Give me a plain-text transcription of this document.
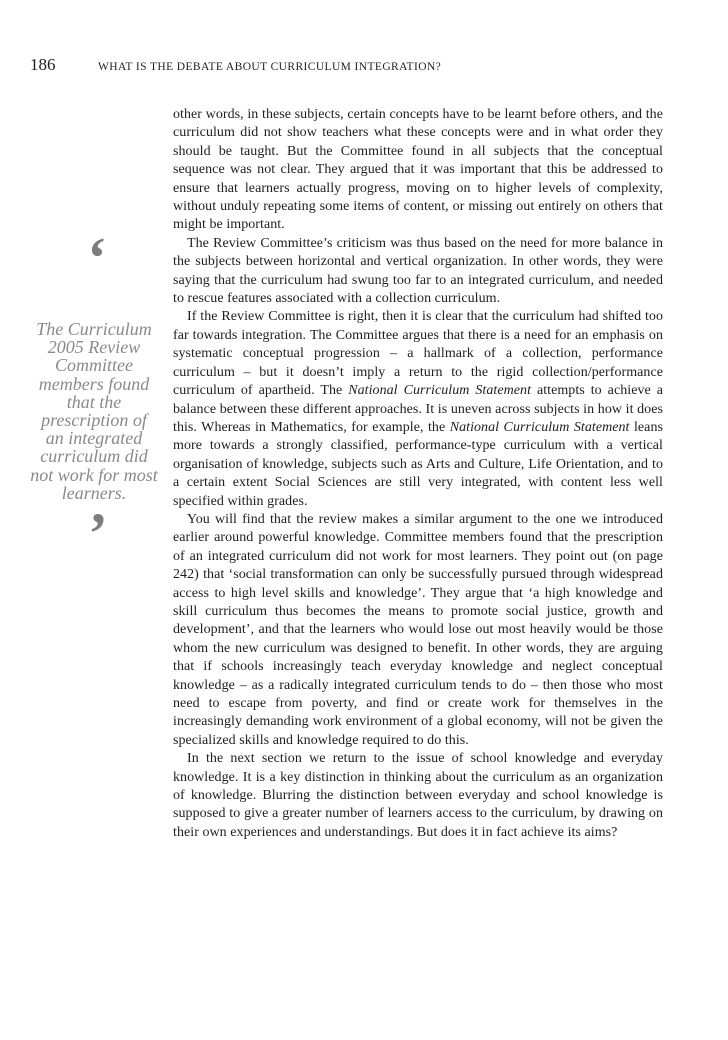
186	WHAT IS THE DEBATE ABOUT CURRICULUM INTEGRATION?
‘
The Curriculum 2005 Review Committee members found that the prescription of an integrated curriculum did not work for most learners.
’

other words, in these subjects, certain concepts have to be learnt before others, and the curriculum did not show teachers what these concepts were and in what order they should be taught. But the Committee found in all subjects that the conceptual sequence was not clear. They argued that it was important that this be addressed to ensure that learners actually progress, moving on to higher levels of complexity, without unduly repeating some items of content, or missing out entirely on others that might be important.

The Review Committee’s criticism was thus based on the need for more balance in the subjects between horizontal and vertical organization. In other words, they were saying that the curriculum had swung too far to an integrated curriculum, and needed to rescue features associated with a collection curriculum.

If the Review Committee is right, then it is clear that the curriculum had shifted too far towards integration. The Committee argues that there is a need for an emphasis on systematic conceptual progression – a hallmark of a collection, performance curriculum – but it doesn’t imply a return to the rigid collection/performance curriculum of apartheid. The National Curriculum Statement attempts to achieve a balance between these different approaches. It is uneven across subjects in how it does this. Whereas in Mathematics, for example, the National Curriculum Statement leans more towards a strongly classified, performance-type curriculum with a vertical organisation of knowledge, subjects such as Arts and Culture, Life Orientation, and to a certain extent Social Sciences are still very integrated, with content less well specified within grades.

You will find that the review makes a similar argument to the one we introduced earlier around powerful knowledge. Committee members found that the prescription of an integrated curriculum did not work for most learners. They point out (on page 242) that ‘social transformation can only be successfully pursued through widespread access to high level skills and knowledge’. They argue that ‘a high knowledge and skill curriculum thus becomes the means to promote social justice, growth and development’, and that the learners who would lose out most heavily would be those whom the new curriculum was designed to benefit. In other words, they are arguing that if schools increasingly teach everyday knowledge and neglect conceptual knowledge – as a radically integrated curriculum tends to do – then those who most need to escape from poverty, and find or create work for themselves in the increasingly demanding work environment of a global economy, will not be given the specialized skills and knowledge required to do this.

In the next section we return to the issue of school knowledge and everyday knowledge. It is a key distinction in thinking about the curriculum as an organization of knowledge. Blurring the distinction between everyday and school knowledge is supposed to give a greater number of learners access to the curriculum, by drawing on their own experiences and understandings. But does it in fact achieve its aims?
